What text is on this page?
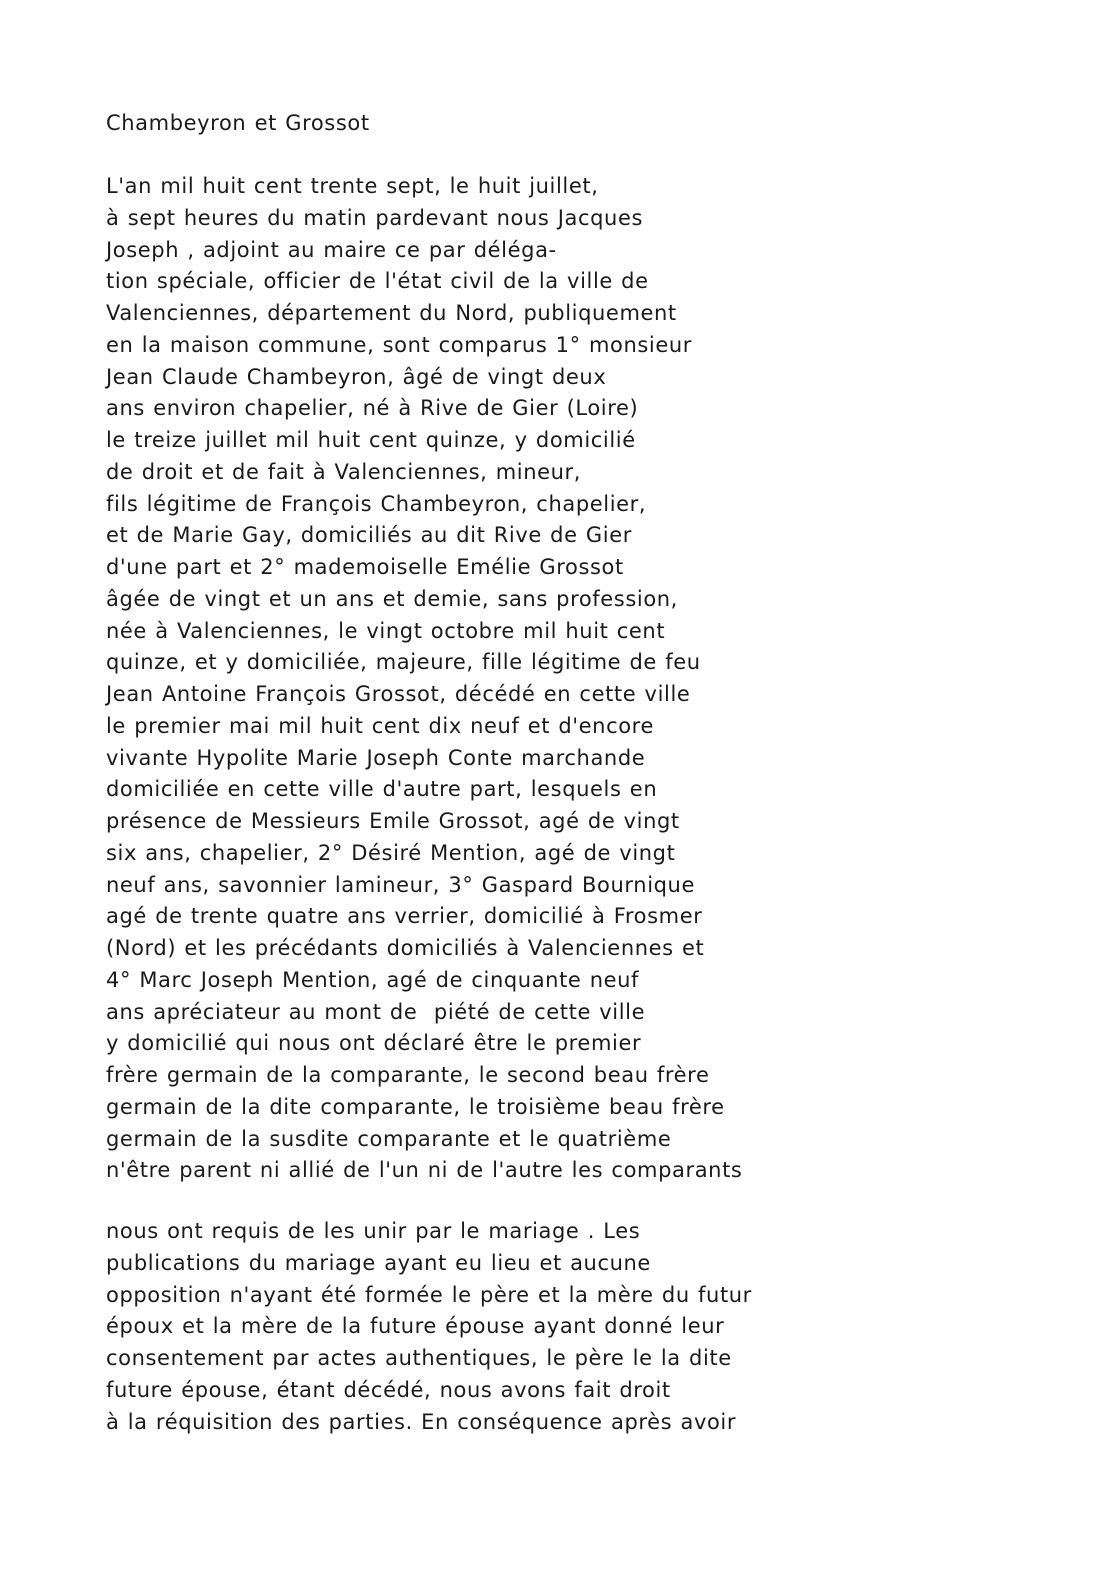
Chambeyron et Grossot
L'an mil huit cent trente sept, le huit juillet,
à sept heures du matin pardevant nous Jacques
Joseph , adjoint au maire ce par déléga-
tion spéciale, officier de l'état civil de la ville de
Valenciennes, département du Nord, publiquement
en la maison commune, sont comparus 1° monsieur
Jean Claude Chambeyron, âgé de vingt deux
ans environ chapelier, né à Rive de Gier (Loire)
le treize juillet mil huit cent quinze, y domicilié
de droit et de fait à Valenciennes, mineur,
fils légitime de François Chambeyron, chapelier,
et de Marie Gay, domiciliés au dit Rive de Gier
d'une part et 2° mademoiselle Emélie Grossot
âgée de vingt et un ans et demie, sans profession,
née à Valenciennes, le vingt octobre mil huit cent
quinze, et y domiciliée, majeure, fille légitime de feu
Jean Antoine François Grossot, décédé en cette ville
le premier mai mil huit cent dix neuf et d'encore
vivante Hypolite Marie Joseph Conte marchande
domiciliée en cette ville d'autre part, lesquels en
présence de Messieurs Emile Grossot, agé de vingt
six ans, chapelier, 2° Désiré Mention, agé de vingt
neuf ans, savonnier lamineur, 3° Gaspard Bournique
agé de trente quatre ans verrier, domicilié à Frosmer
(Nord) et les précédants domiciliés à Valenciennes et
4° Marc Joseph Mention, agé de cinquante neuf
ans apréciateur au mont de  piété de cette ville
y domicilié qui nous ont déclaré être le premier
frère germain de la comparante, le second beau frère
germain de la dite comparante, le troisième beau frère
germain de la susdite comparante et le quatrième
n'être parent ni allié de l'un ni de l'autre les comparants
nous ont requis de les unir par le mariage . Les
publications du mariage ayant eu lieu et aucune
opposition n'ayant été formée le père et la mère du futur
époux et la mère de la future épouse ayant donné leur
consentement par actes authentiques, le père le la dite
future épouse, étant décédé, nous avons fait droit
à la réquisition des parties. En conséquence après avoir
